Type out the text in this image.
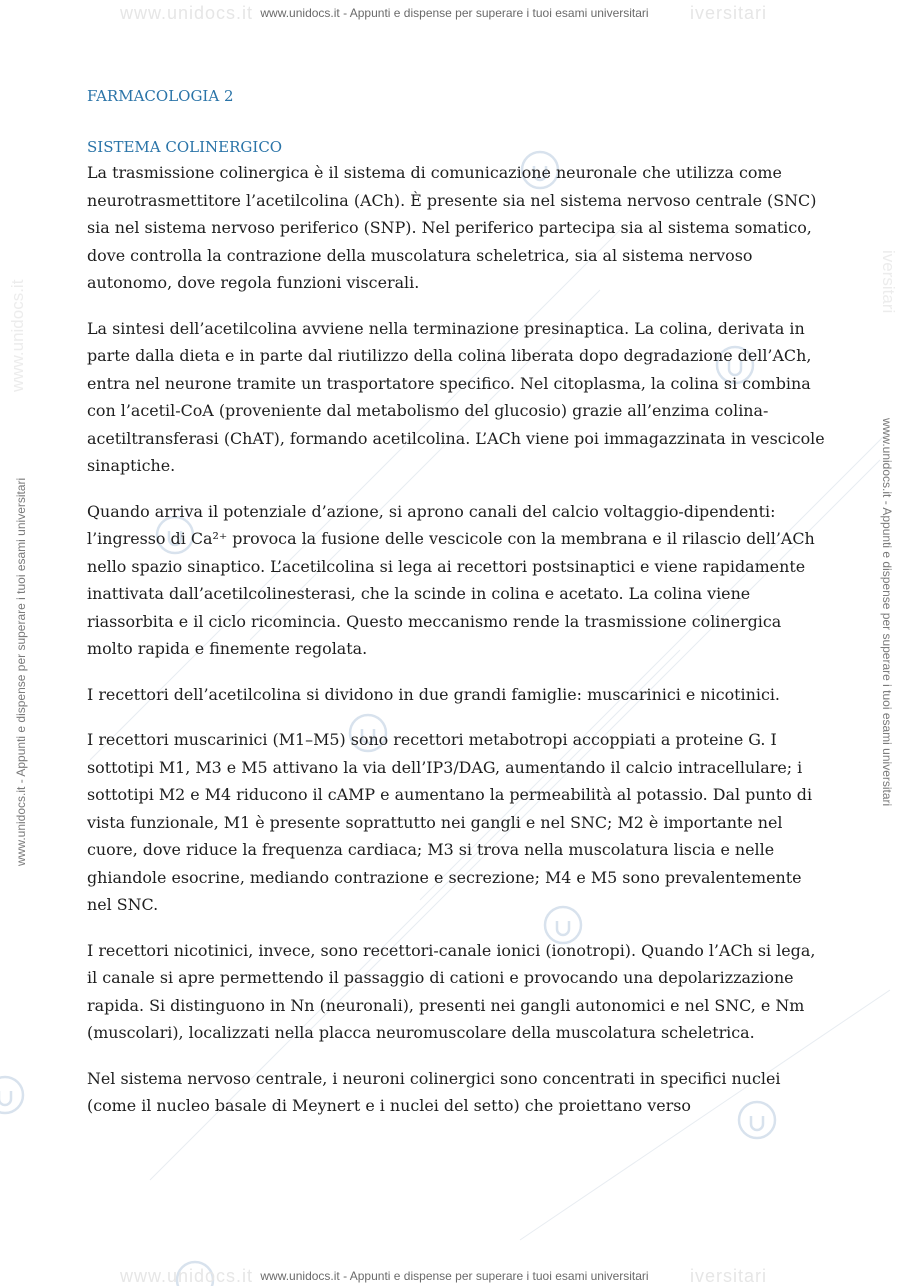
www.unidocs.it	iversitari
www.unidocs.it - Appunti e dispense per superare i tuoi esami universitari
www.unidocs.it	iversitari
www.unidocs.it - Appunti e dispense per superare i tuoi esami universitari
www.unidocs.it
www.unidocs.it - Appunti e dispense per superare i tuoi esami universitari
iversitari
www.unidocs.it - Appunti e dispense per superare i tuoi esami universitari
FARMACOLOGIA 2
SISTEMA COLINERGICO

La trasmissione colinergica è il sistema di comunicazione neuronale che utilizza come neurotrasmettitore l’acetilcolina (ACh). È presente sia nel sistema nervoso centrale (SNC) sia nel sistema nervoso periferico (SNP). Nel periferico partecipa sia al sistema somatico, dove controlla la contrazione della muscolatura scheletrica, sia al sistema nervoso autonomo, dove regola funzioni viscerali.

La sintesi dell’acetilcolina avviene nella terminazione presinaptica. La colina, derivata in parte dalla dieta e in parte dal riutilizzo della colina liberata dopo degradazione dell’ACh, entra nel neurone tramite un trasportatore specifico. Nel citoplasma, la colina si combina con l’acetil-CoA (proveniente dal metabolismo del glucosio) grazie all’enzima colina-acetiltransferasi (ChAT), formando acetilcolina. L’ACh viene poi immagazzinata in vescicole sinaptiche.

Quando arriva il potenziale d’azione, si aprono canali del calcio voltaggio-dipendenti: l’ingresso di Ca²⁺ provoca la fusione delle vescicole con la membrana e il rilascio dell’ACh nello spazio sinaptico. L’acetilcolina si lega ai recettori postsinaptici e viene rapidamente inattivata dall’acetilcolinesterasi, che la scinde in colina e acetato. La colina viene riassorbita e il ciclo ricomincia. Questo meccanismo rende la trasmissione colinergica molto rapida e finemente regolata.

I recettori dell’acetilcolina si dividono in due grandi famiglie: muscarinici e nicotinici.

I recettori muscarinici (M1–M5) sono recettori metabotropi accoppiati a proteine G. I sottotipi M1, M3 e M5 attivano la via dell’IP3/DAG, aumentando il calcio intracellulare; i sottotipi M2 e M4 riducono il cAMP e aumentano la permeabilità al potassio. Dal punto di vista funzionale, M1 è presente soprattutto nei gangli e nel SNC; M2 è importante nel cuore, dove riduce la frequenza cardiaca; M3 si trova nella muscolatura liscia e nelle ghiandole esocrine, mediando contrazione e secrezione; M4 e M5 sono prevalentemente nel SNC.

I recettori nicotinici, invece, sono recettori-canale ionici (ionotropi). Quando l’ACh si lega, il canale si apre permettendo il passaggio di cationi e provocando una depolarizzazione rapida. Si distinguono in Nn (neuronali), presenti nei gangli autonomici e nel SNC, e Nm (muscolari), localizzati nella placca neuromuscolare della muscolatura scheletrica.

Nel sistema nervoso centrale, i neuroni colinergici sono concentrati in specifici nuclei (come il nucleo basale di Meynert e i nuclei del setto) che proiettano verso
